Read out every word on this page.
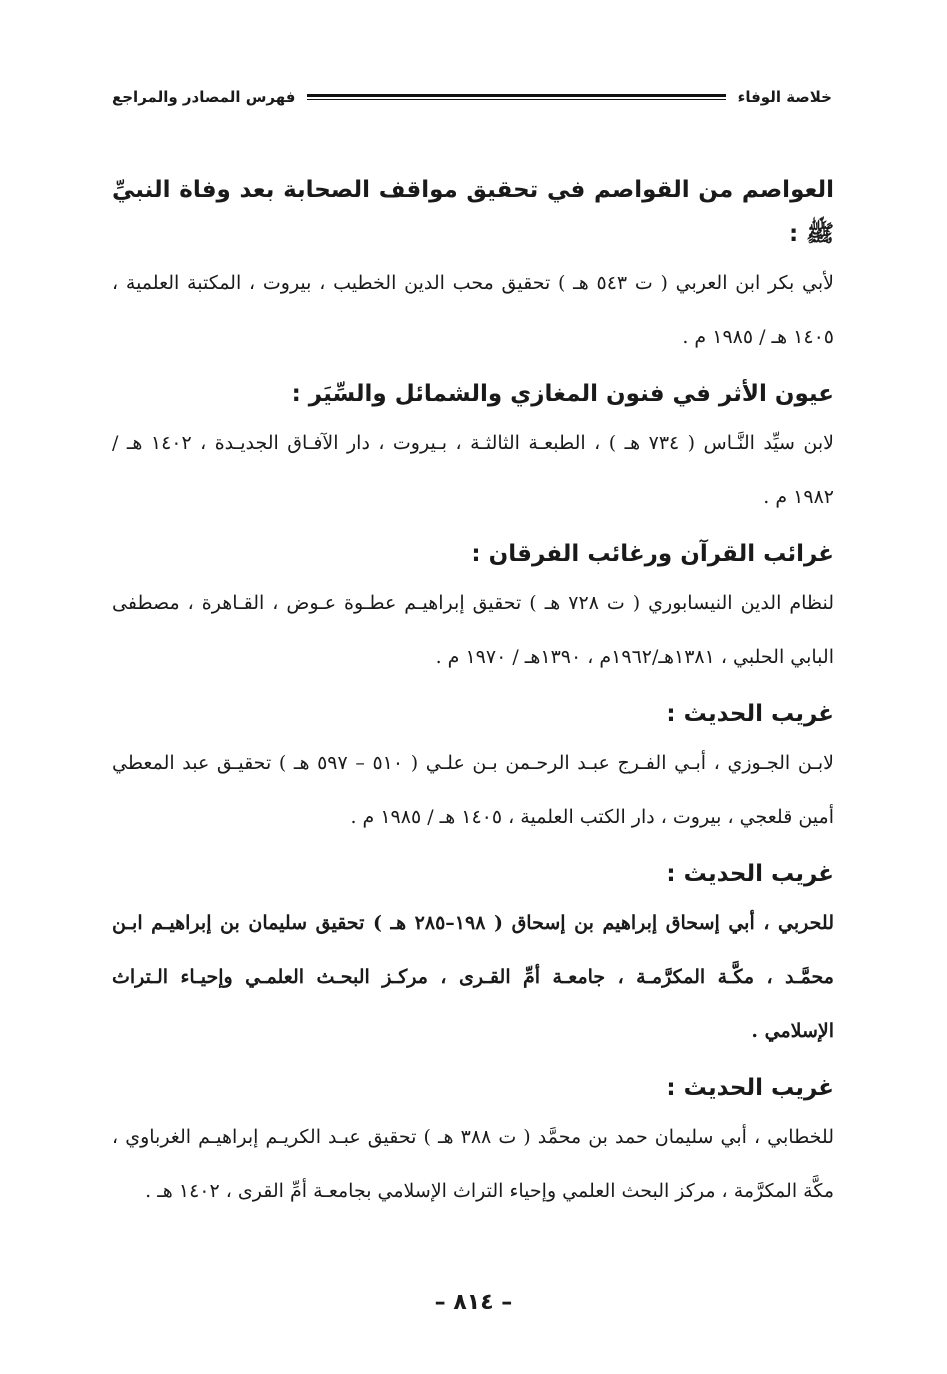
خلاصة الوفاء
فهرس المصادر والمراجع

العواصم من القواصم في تحقيق مواقف الصحابة بعد وفاة النبيِّ ﷺ :

لأبي بكر ابن العربي ( ت ٥٤٣ هـ ) تحقيق محب الدين الخطيب ، بيروت ، المكتبة العلمية ، ١٤٠٥ هـ / ١٩٨٥ م .

عيون الأثر في فنون المغازي والشمائل والسِّيَر :

لابن سيِّد النَّـاس ( ٧٣٤ هـ ) ، الطبعـة الثالثـة ، بـيروت ، دار الآفـاق الجديـدة ، ١٤٠٢ هـ / ١٩٨٢ م .

غرائب القرآن ورغائب الفرقان :

لنظام الدين النيسابوري ( ت ٧٢٨ هـ ) تحقيق إبراهيـم عطـوة عـوض ، القـاهرة ، مصطفى البابي الحلبي ، ١٣٨١هـ/١٩٦٢م ، ١٣٩٠هـ / ١٩٧٠ م .

غريب الحديث :

لابـن الجـوزي ، أبـي الفـرج عبـد الرحـمن بـن علـي ( ٥١٠ – ٥٩٧ هـ ) تحقيـق عبد المعطي أمين قلعجي ، بيروت ، دار الكتب العلمية ، ١٤٠٥ هـ / ١٩٨٥ م .

غريب الحديث :

للحربي ، أبي إسحاق إبراهيم بن إسحاق ( ١٩٨–٢٨٥ هـ ) تحقيق سليمان بن إبراهيـم ابـن محمَّـد ، مكَّـة المكرَّمـة ، جامعـة أمِّ القـرى ، مركـز البحـث العلمـي وإحيـاء الـتراث الإسلامي .

غريب الحديث :

للخطابي ، أبي سليمان حمد بن محمَّد ( ت ٣٨٨ هـ ) تحقيق عبـد الكريـم إبراهيـم الغرباوي ، مكَّة المكرَّمة ، مركز البحث العلمي وإحياء التراث الإسلامي بجامعـة أمِّ القرى ، ١٤٠٢ هـ .

– ٨١٤ –
